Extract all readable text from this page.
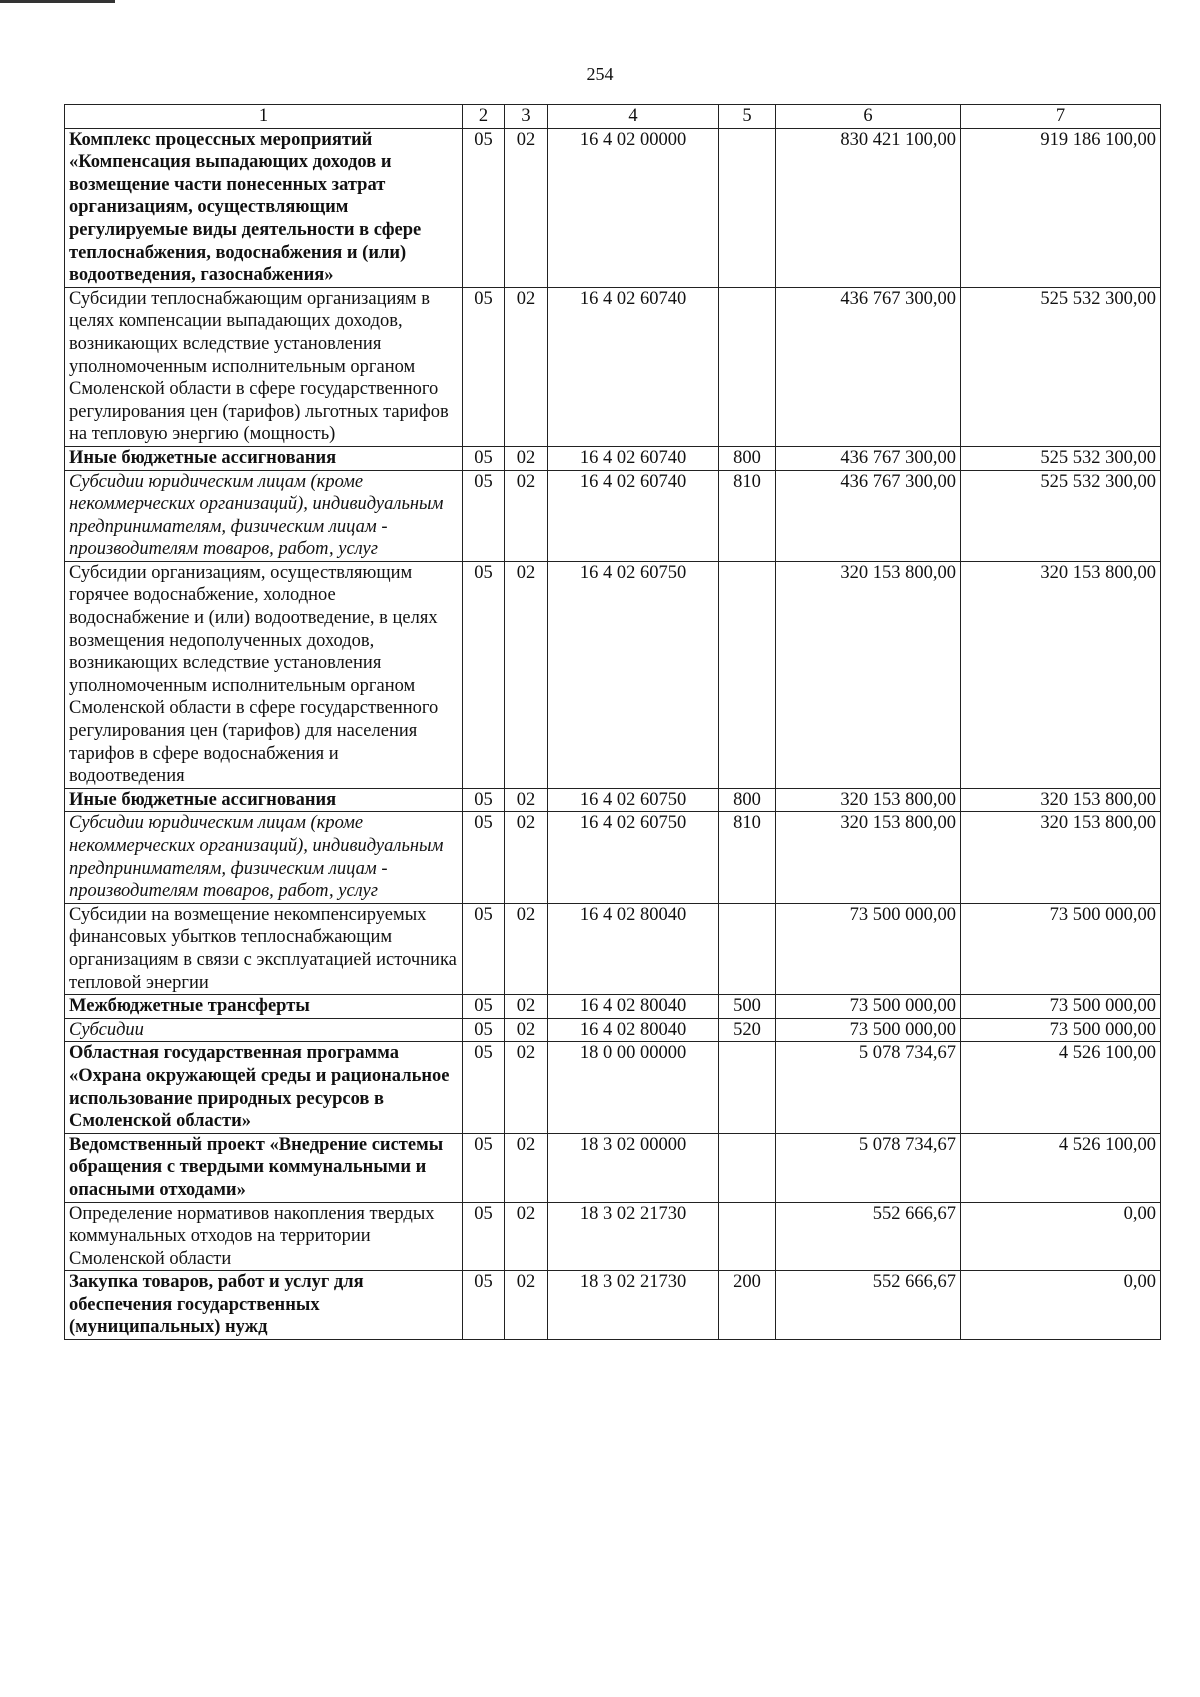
254
1	2	3	4	5	6	7
Комплекс процессных мероприятий «Компенсация выпадающих доходов и возмещение части понесенных затрат организациям, осуществляющим регулируемые виды деятельности в сфере теплоснабжения, водоснабжения и (или) водоотведения, газоснабжения»	05	02	16 4 02 00000		830 421 100,00	919 186 100,00
Субсидии теплоснабжающим организациям в целях компенсации выпадающих доходов, возникающих вследствие установления уполномоченным исполнительным органом Смоленской области в сфере государственного регулирования цен (тарифов) льготных тарифов на тепловую энергию (мощность)	05	02	16 4 02 60740		436 767 300,00	525 532 300,00
Иные бюджетные ассигнования	05	02	16 4 02 60740	800	436 767 300,00	525 532 300,00
Субсидии юридическим лицам (кроме некоммерческих организаций), индивидуальным предпринимателям, физическим лицам - производителям товаров, работ, услуг	05	02	16 4 02 60740	810	436 767 300,00	525 532 300,00
Субсидии организациям, осуществляющим горячее водоснабжение, холодное водоснабжение и (или) водоотведение, в целях возмещения недополученных доходов, возникающих вследствие установления уполномоченным исполнительным органом Смоленской области в сфере государственного регулирования цен (тарифов) для населения тарифов в сфере водоснабжения и водоотведения	05	02	16 4 02 60750		320 153 800,00	320 153 800,00
Иные бюджетные ассигнования	05	02	16 4 02 60750	800	320 153 800,00	320 153 800,00
Субсидии юридическим лицам (кроме некоммерческих организаций), индивидуальным предпринимателям, физическим лицам - производителям товаров, работ, услуг	05	02	16 4 02 60750	810	320 153 800,00	320 153 800,00
Субсидии на возмещение некомпенсируемых финансовых убытков теплоснабжающим организациям в связи с эксплуатацией источника тепловой энергии	05	02	16 4 02 80040		73 500 000,00	73 500 000,00
Межбюджетные трансферты	05	02	16 4 02 80040	500	73 500 000,00	73 500 000,00
Субсидии	05	02	16 4 02 80040	520	73 500 000,00	73 500 000,00
Областная государственная программа «Охрана окружающей среды и рациональное использование природных ресурсов в Смоленской области»	05	02	18 0 00 00000		5 078 734,67	4 526 100,00
Ведомственный проект «Внедрение системы обращения с твердыми коммунальными и опасными отходами»	05	02	18 3 02 00000		5 078 734,67	4 526 100,00
Определение нормативов накопления твердых коммунальных отходов на территории Смоленской области	05	02	18 3 02 21730		552 666,67	0,00
Закупка товаров, работ и услуг для обеспечения государственных (муниципальных) нужд	05	02	18 3 02 21730	200	552 666,67	0,00
